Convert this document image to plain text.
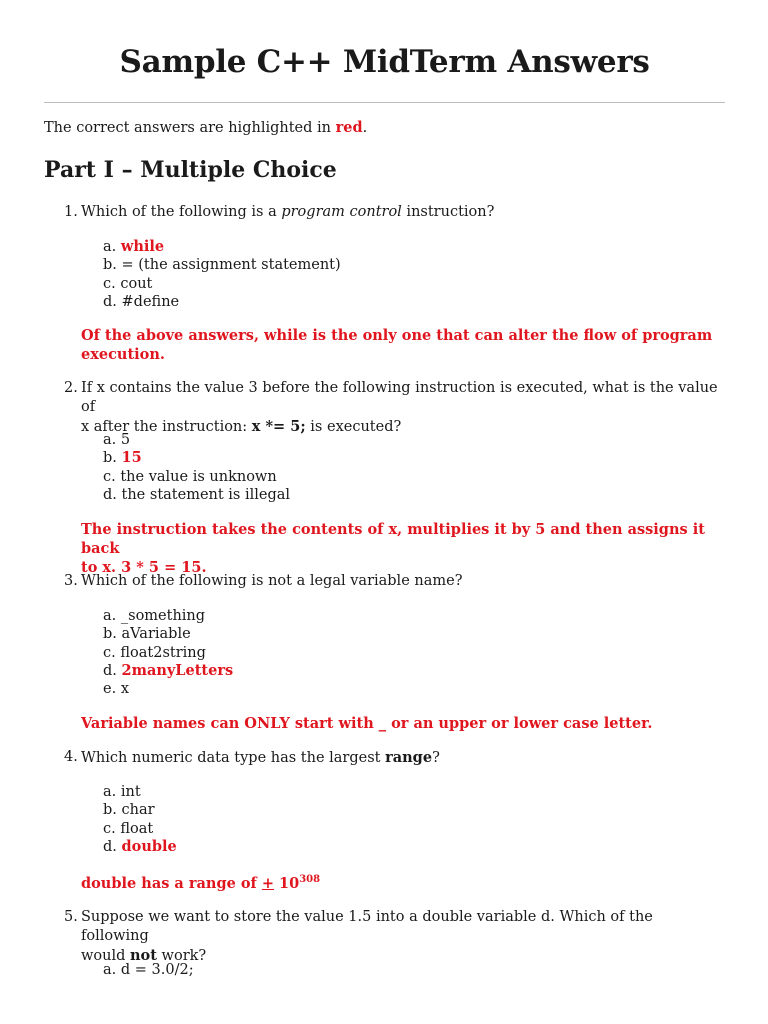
Sample C++ MidTerm Answers
The correct answers are highlighted in red.
Part I – Multiple Choice
1. Which of the following is a program control instruction?
a. while
b. = (the assignment statement)
c. cout
d. #define
Of the above answers, while is the only one that can alter the flow of program
execution.
2. If x contains the value 3 before the following instruction is executed, what is the value of
x after the instruction: x *= 5; is executed?
a. 5
b. 15
c. the value is unknown
d. the statement is illegal
The instruction takes the contents of x, multiplies it by 5 and then assigns it back
to x. 3 * 5 = 15.
3. Which of the following is not a legal variable name?
a. _something
b. aVariable
c. float2string
d. 2manyLetters
e. x
Variable names can ONLY start with _ or an upper or lower case letter.
4. Which numeric data type has the largest range?
a. int
b. char
c. float
d. double
double has a range of + $10^{308}$
5. Suppose we want to store the value 1.5 into a double variable d. Which of the following
would not work?
a. d = 3.0/2;
